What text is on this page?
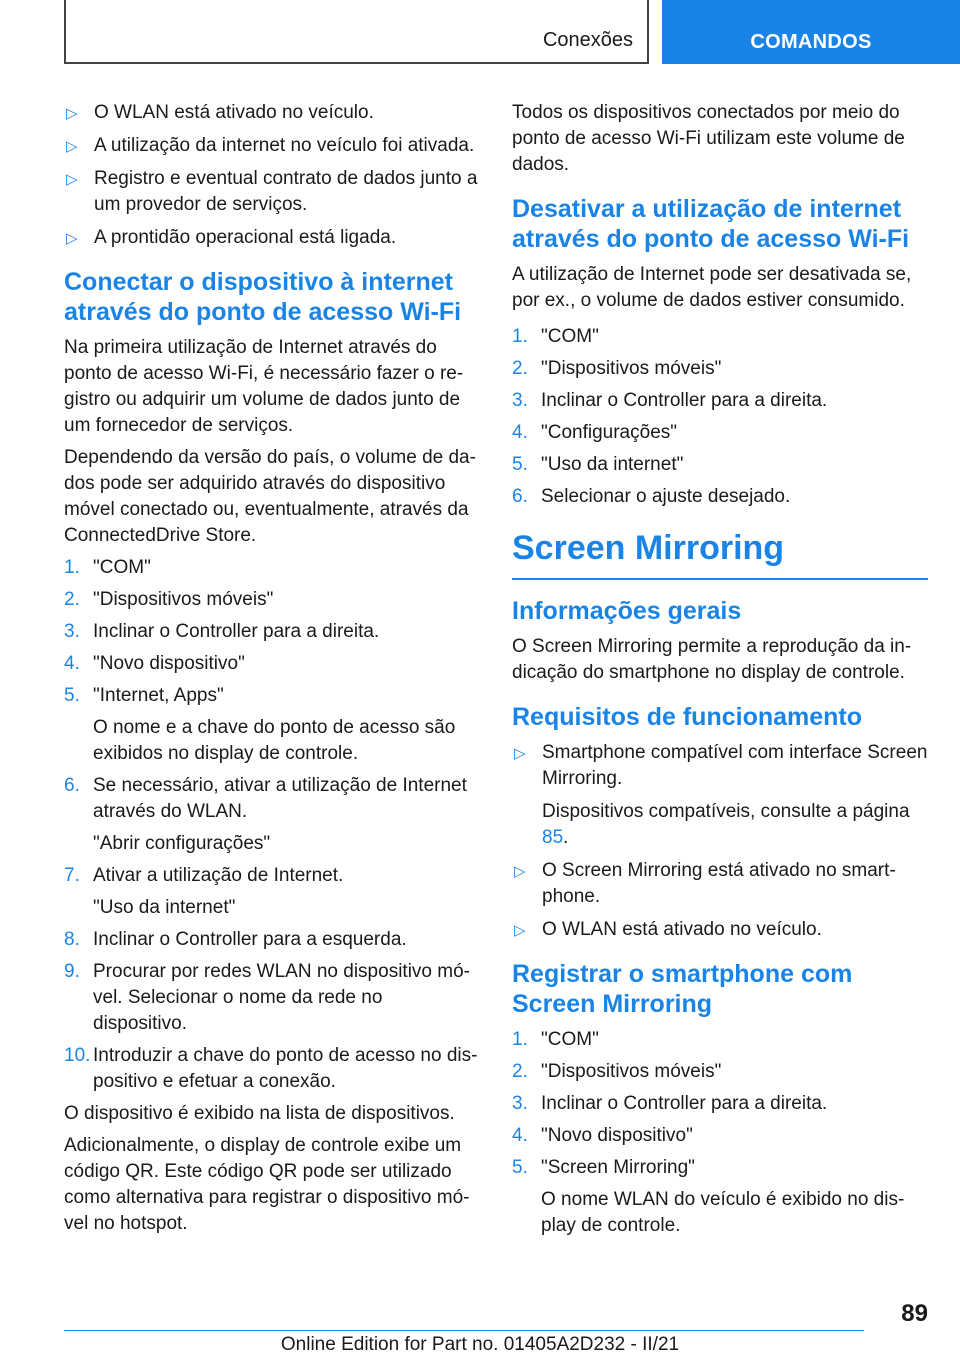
Conexões	COMANDOS
▷ O WLAN está ativado no veículo.
▷ A utilização da internet no veículo foi ativada.
▷ Registro e eventual contrato de dados junto a um provedor de serviços.
▷ A prontidão operacional está ligada.
Conectar o dispositivo à internet através do ponto de acesso Wi-Fi

Na primeira utilização de Internet através do ponto de acesso Wi-Fi, é necessário fazer o re-gistro ou adquirir um volume de dados junto de um fornecedor de serviços.

Dependendo da versão do país, o volume de da-dos pode ser adquirido através do dispositivo móvel conectado ou, eventualmente, através da ConnectedDrive Store.

1. "COM"
2. "Dispositivos móveis"
3. Inclinar o Controller para a direita.
4. "Novo dispositivo"
5. "Internet, Apps"
O nome e a chave do ponto de acesso são exibidos no display de controle.
6. Se necessário, ativar a utilização de Internet através do WLAN.
"Abrir configurações"
7. Ativar a utilização de Internet.
"Uso da internet"
8. Inclinar o Controller para a esquerda.
9. Procurar por redes WLAN no dispositivo mó-vel. Selecionar o nome da rede no dispositivo.
10. Introduzir a chave do ponto de acesso no dis-positivo e efetuar a conexão.

O dispositivo é exibido na lista de dispositivos.

Adicionalmente, o display de controle exibe um código QR. Este código QR pode ser utilizado como alternativa para registrar o dispositivo mó-vel no hotspot.

Todos os dispositivos conectados por meio do ponto de acesso Wi-Fi utilizam este volume de dados.

Desativar a utilização de internet através do ponto de acesso Wi-Fi

A utilização de Internet pode ser desativada se, por ex., o volume de dados estiver consumido.

1. "COM"
2. "Dispositivos móveis"
3. Inclinar o Controller para a direita.
4. "Configurações"
5. "Uso da internet"
6. Selecionar o ajuste desejado.
Screen Mirroring
Informações gerais

O Screen Mirroring permite a reprodução da in-dicação do smartphone no display de controle.

Requisitos de funcionamento
▷ Smartphone compatível com interface Screen Mirroring.
Dispositivos compatíveis, consulte a página 85.
▷ O Screen Mirroring está ativado no smart-phone.
▷ O WLAN está ativado no veículo.
Registrar o smartphone com Screen Mirroring
1. "COM"
2. "Dispositivos móveis"
3. Inclinar o Controller para a direita.
4. "Novo dispositivo"
5. "Screen Mirroring"
O nome WLAN do veículo é exibido no dis-play de controle.
89
Online Edition for Part no. 01405A2D232 - II/21
